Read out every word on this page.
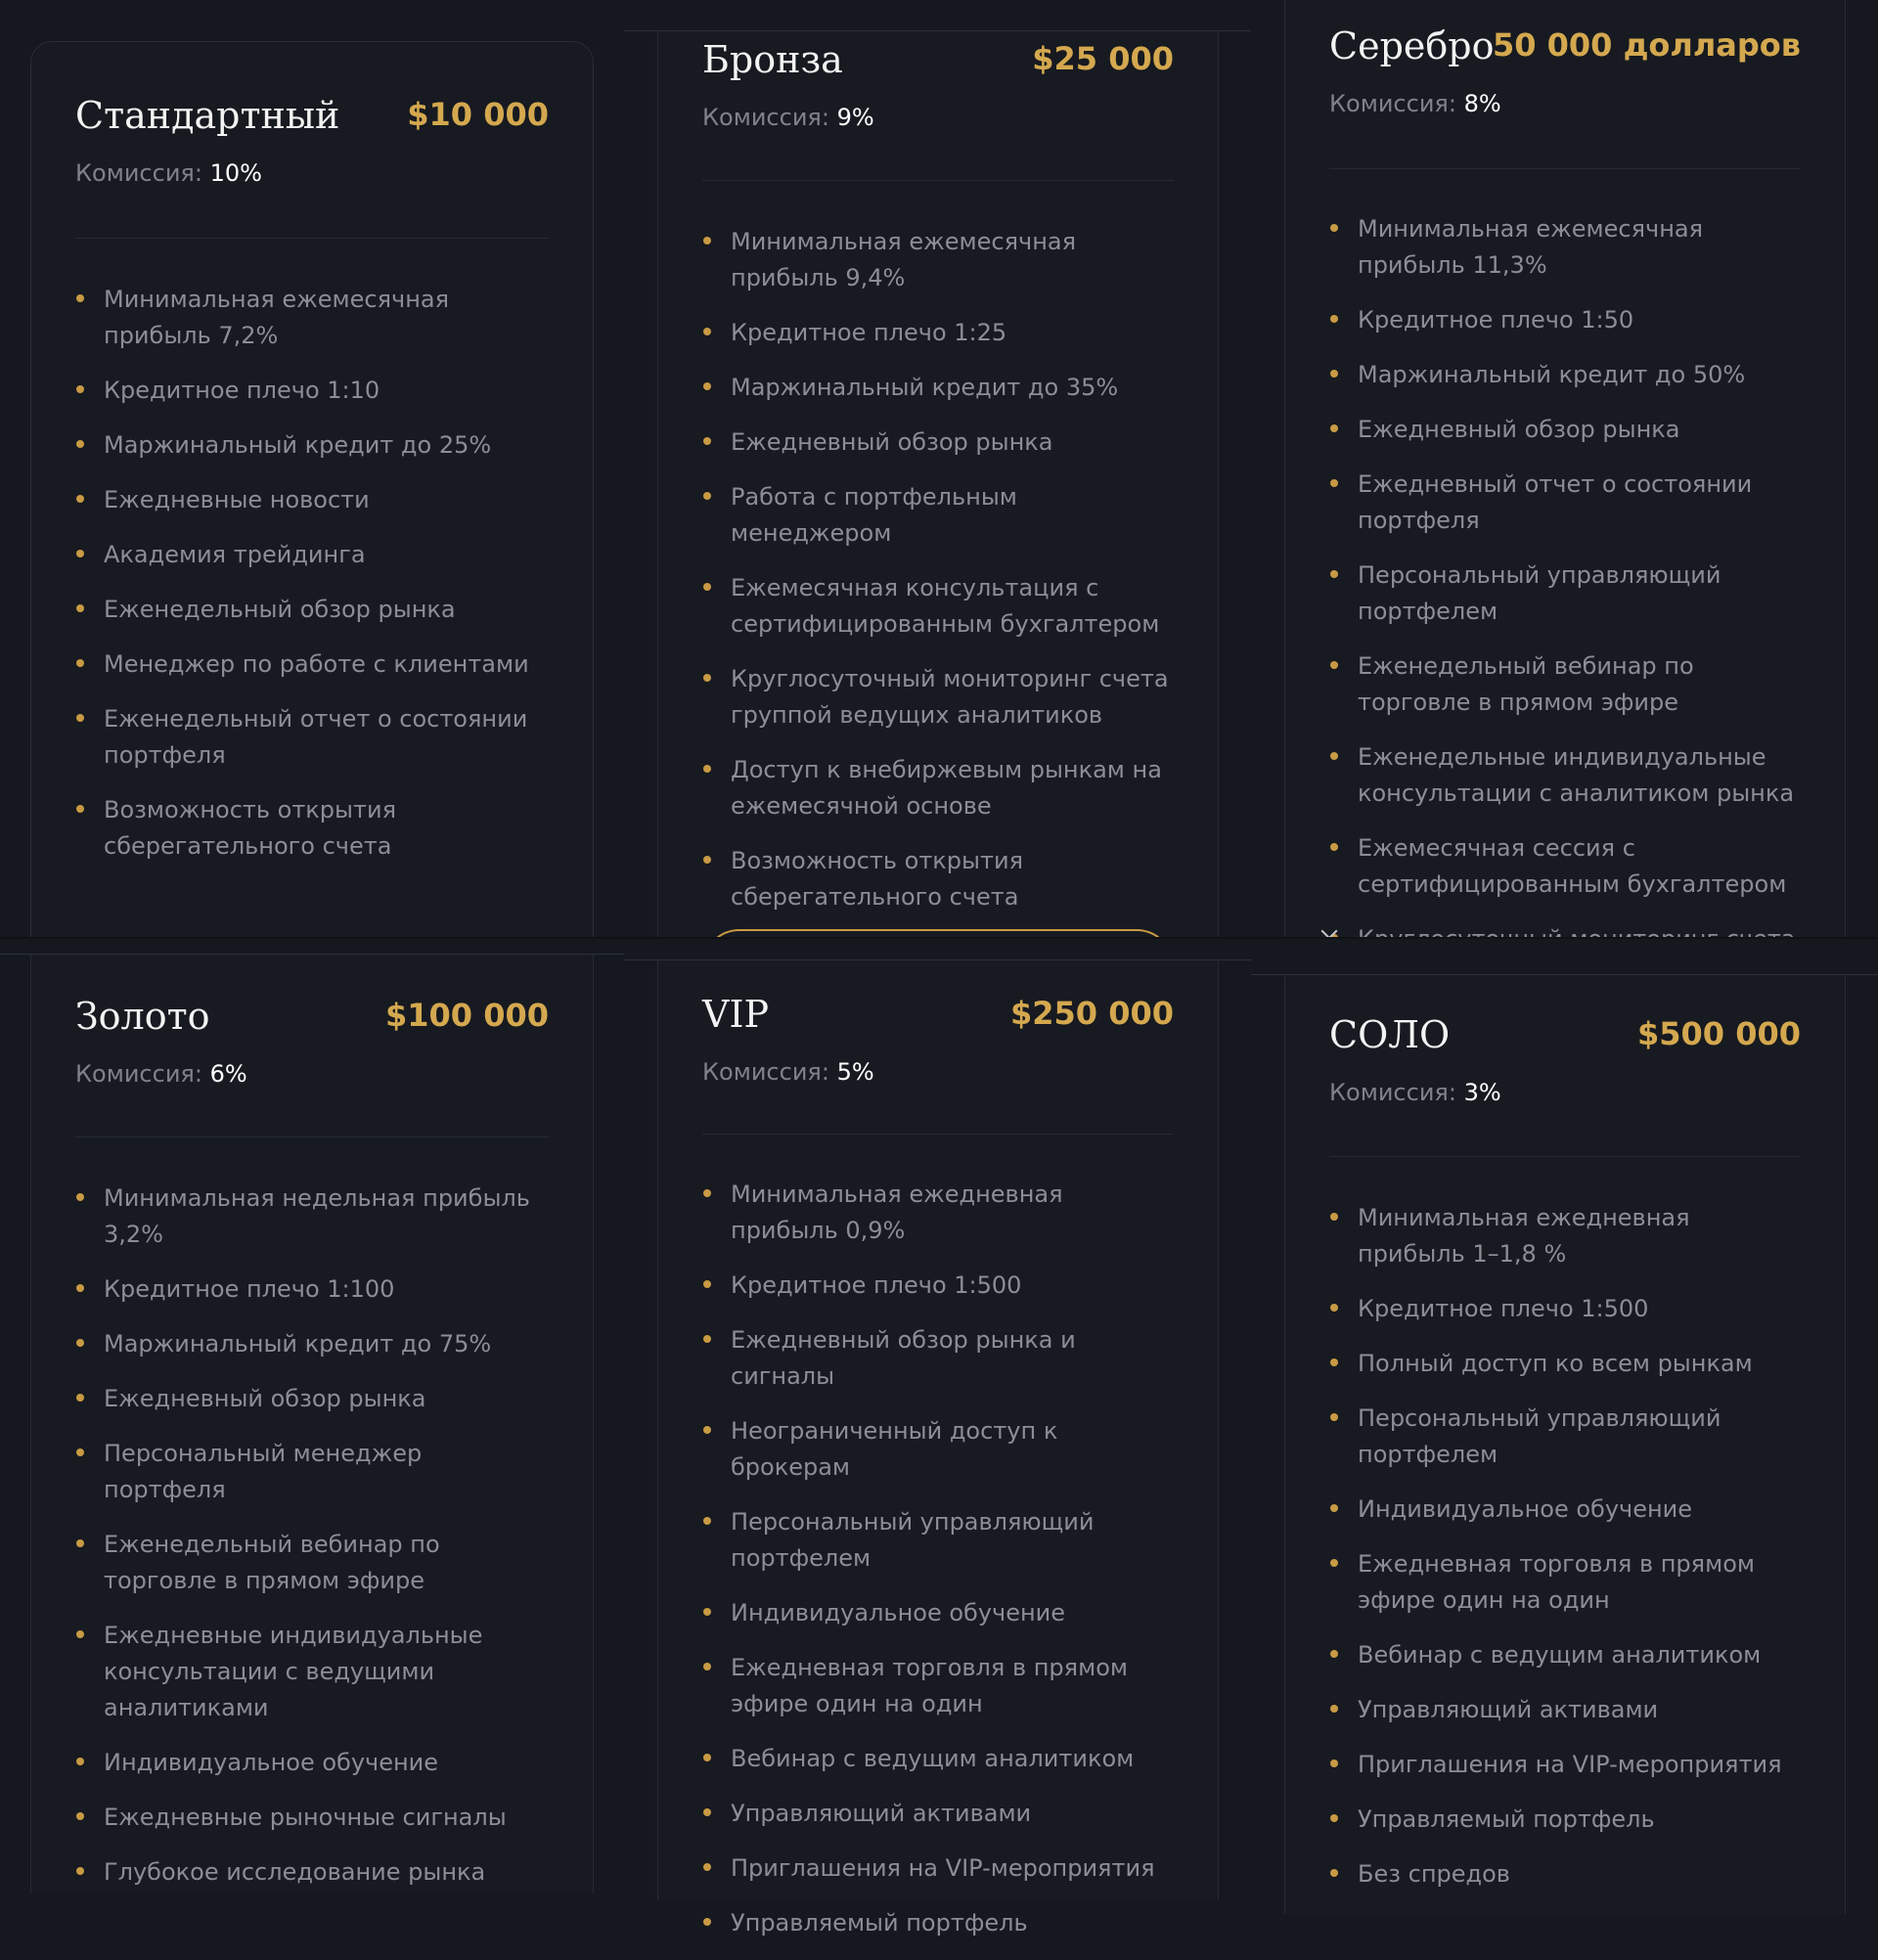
Стандартный $10 000
Комиссия: 10%
Минимальная ежемесячная прибыль 7,2%
Кредитное плечо 1:10
Маржинальный кредит до 25%
Ежедневные новости
Академия трейдинга
Еженедельный обзор рынка
Менеджер по работе с клиентами
Еженедельный отчет о состоянии портфеля
Возможность открытия сберегательного счета
Бронза	$25 000
Комиссия: 9%
Минимальная ежемесячная прибыль 9,4%
Кредитное плечо 1:25
Маржинальный кредит до 35%
Ежедневный обзор рынка
Работа с портфельным менеджером
Ежемесячная консультация с сертифицированным бухгалтером
Круглосуточный мониторинг счета группой ведущих аналитиков
Доступ к внебиржевым рынкам на ежемесячной основе
Возможность открытия сберегательного счета
Серебро
50 000 долларов
Комиссия: 8%
Минимальная ежемесячная прибыль 11,3%
Кредитное плечо 1:50
Маржинальный кредит до 50%
Ежедневный обзор рынка
Ежедневный отчет о состоянии портфеля
Персональный управляющий портфелем
Еженедельный вебинар по торговле в прямом эфире
Еженедельные индивидуальные консультации с аналитиком рынка
Ежемесячная сессия с сертифицированным бухгалтером
Золото	$100 000
Комиссия: 6%
Минимальная недельная прибыль 3,2%
Кредитное плечо 1:100
Маржинальный кредит до 75%
Ежедневный обзор рынка
Персональный менеджер портфеля
Еженедельный вебинар по торговле в прямом эфире
Ежедневные индивидуальные консультации с ведущими аналитиками
Индивидуальное обучение
Ежедневные рыночные сигналы
Глубокое исследование рынка
VIP	$250 000
Комиссия: 5%
Минимальная ежедневная прибыль 0,9%
Кредитное плечо 1:500
Ежедневный обзор рынка и сигналы
Неограниченный доступ к брокерам
Персональный управляющий портфелем
Индивидуальное обучение
Ежедневная торговля в прямом эфире один на один
Вебинар с ведущим аналитиком
Управляющий активами
Приглашения на VIP-мероприятия
Управляемый портфель
СОЛО	$500 000
Комиссия: 3%
Минимальная ежедневная прибыль 1–1,8 %
Кредитное плечо 1:500
Полный доступ ко всем рынкам
Персональный управляющий портфелем
Индивидуальное обучение
Ежедневная торговля в прямом эфире один на один
Вебинар с ведущим аналитиком
Управляющий активами
Приглашения на VIP-мероприятия
Управляемый портфель
Без спредов
